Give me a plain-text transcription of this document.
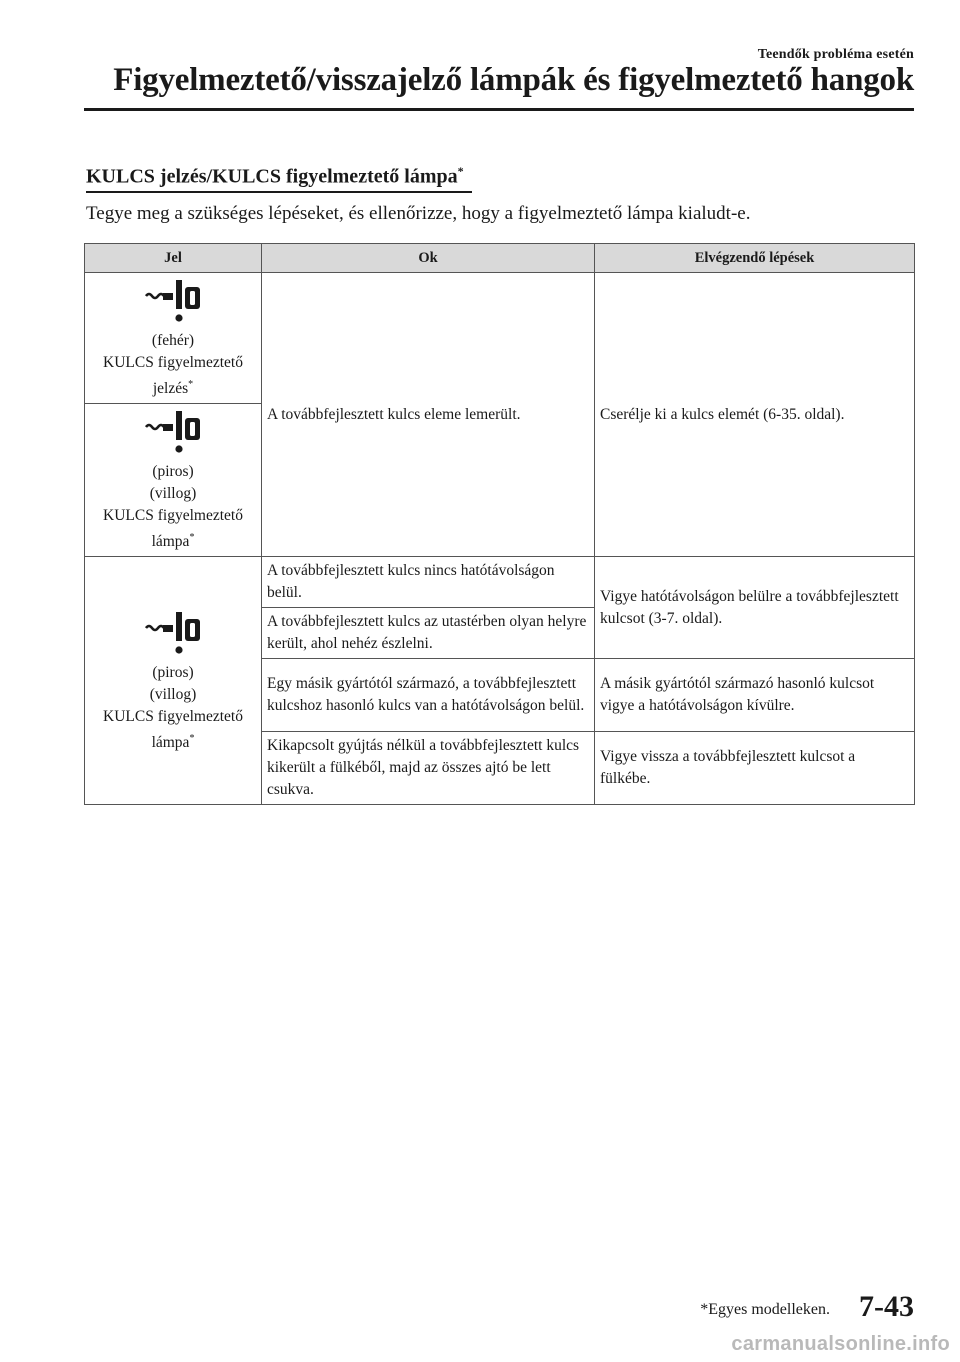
Teendők probléma esetén
Figyelmeztető/visszajelző lámpák és figyelmeztető hangok
KULCS jelzés/KULCS figyelmeztető lámpa*
Tegye meg a szükséges lépéseket, és ellenőrizze, hogy a figyelmeztető lámpa kialudt-e.
Jel	Ok	Elvégzendő lépések

(fehér)
KULCS figyelmeztető
jelzés*	A továbbfejlesztett kulcs eleme lemerült.	Cserélje ki a kulcs elemét (6-35. oldal).

(piros)
(villog)
KULCS figyelmeztető
lámpa*

(piros)
(villog)
KULCS figyelmeztető
lámpa*	A továbbfejlesztett kulcs nincs hatótávolságon belül.	Vigye hatótávolságon belülre a továbbfejlesztett kulcsot (3-7. oldal).
	A továbbfejlesztett kulcs az utastérben olyan helyre került, ahol nehéz észlelni.	
	Egy másik gyártótól származó, a továbbfejlesztett kulcshoz hasonló kulcs van a hatótávolságon belül.	A másik gyártótól származó hasonló kulcsot vigye a hatótávolságon kívülre.
	Kikapcsolt gyújtás nélkül a továbbfejlesztett kulcs kikerült a fülkéből, majd az összes ajtó be lett csukva.	Vigye vissza a továbbfejlesztett kulcsot a fülkébe.
*Egyes modelleken. 7-43
carmanualsonline.info
